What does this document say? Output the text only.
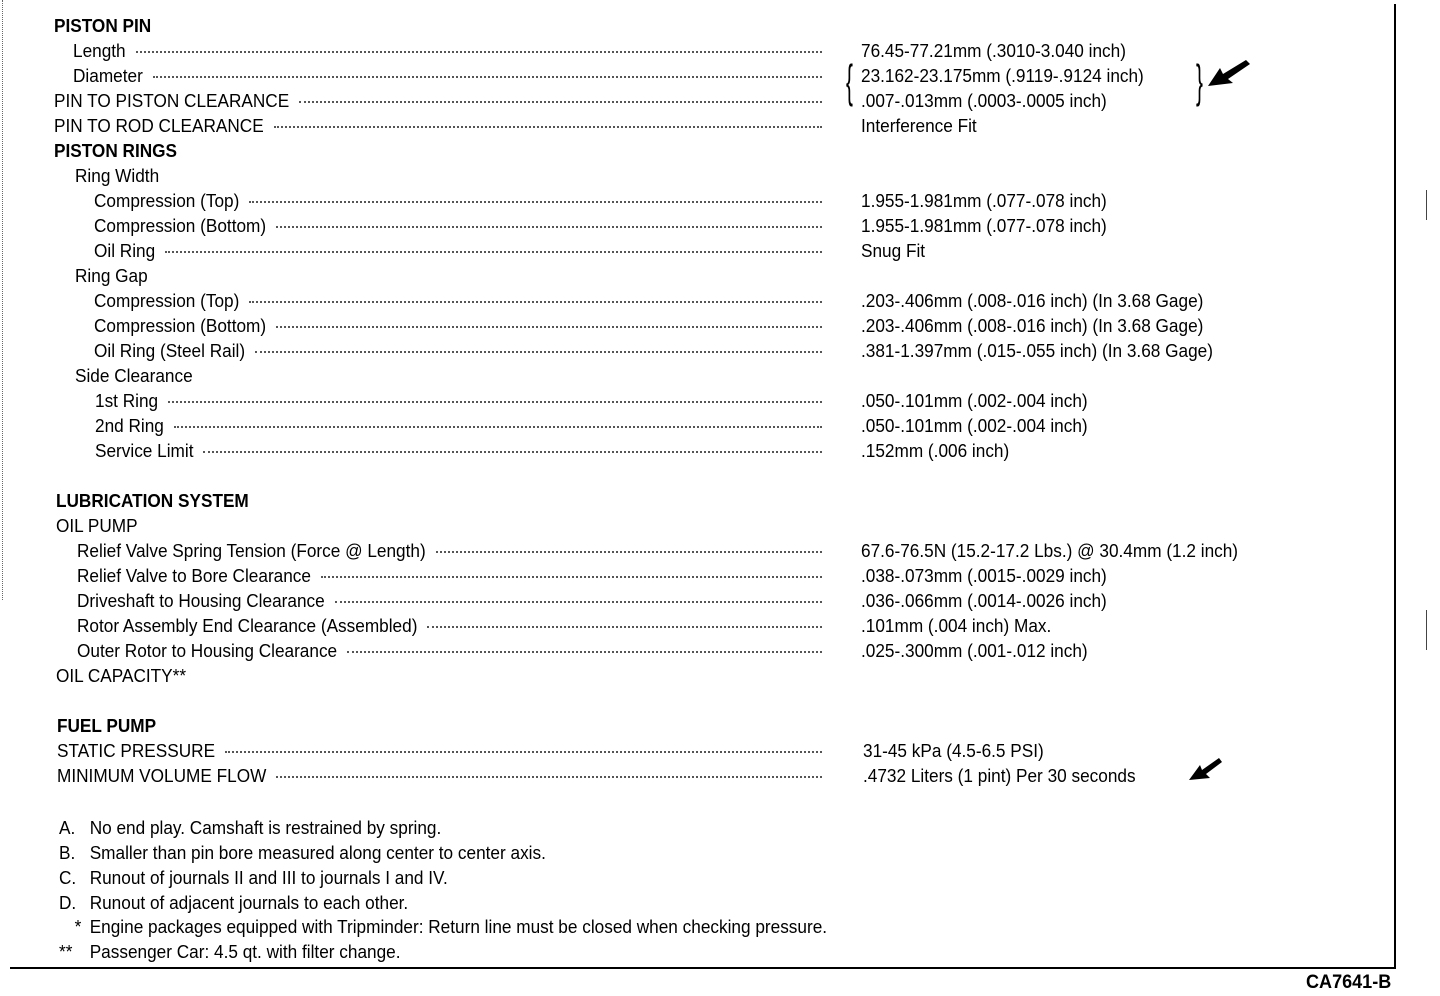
PISTON PIN
Length	76.45-77.21mm (.3010-3.040 inch)
Diameter	23.162-23.175mm (.9119-.9124 inch)
PIN TO PISTON CLEARANCE	.007-.013mm (.0003-.0005 inch)
PIN TO ROD CLEARANCE	Interference Fit
PISTON RINGS
Ring Width
Compression (Top)	1.955-1.981mm (.077-.078 inch)
Compression (Bottom)	1.955-1.981mm (.077-.078 inch)
Oil Ring	Snug Fit
Ring Gap
Compression (Top)	.203-.406mm (.008-.016 inch) (In 3.68 Gage)
Compression (Bottom)	.203-.406mm (.008-.016 inch) (In 3.68 Gage)
Oil Ring (Steel Rail)	.381-1.397mm (.015-.055 inch) (In 3.68 Gage)
Side Clearance
1st Ring	.050-.101mm (.002-.004 inch)
2nd Ring	.050-.101mm (.002-.004 inch)
Service Limit	.152mm (.006 inch)
LUBRICATION SYSTEM
OIL PUMP
Relief Valve Spring Tension (Force @ Length)	67.6-76.5N (15.2-17.2 Lbs.) @ 30.4mm (1.2 inch)
Relief Valve to Bore Clearance	.038-.073mm (.0015-.0029 inch)
Driveshaft to Housing Clearance	.036-.066mm (.0014-.0026 inch)
Rotor Assembly End Clearance (Assembled)	.101mm (.004 inch) Max.
Outer Rotor to Housing Clearance	.025-.300mm (.001-.012 inch)
OIL CAPACITY**
FUEL PUMP
STATIC PRESSURE	31-45 kPa (4.5-6.5 PSI)
MINIMUM VOLUME FLOW	.4732 Liters (1 pint) Per 30 seconds
{	}
A. No end play. Camshaft is restrained by spring.
B. Smaller than pin bore measured along center to center axis.
C. Runout of journals II and III to journals I and IV.
D. Runout of adjacent journals to each other.
* Engine packages equipped with Tripminder: Return line must be closed when checking pressure.
** Passenger Car: 4.5 qt. with filter change.
CA7641-B
